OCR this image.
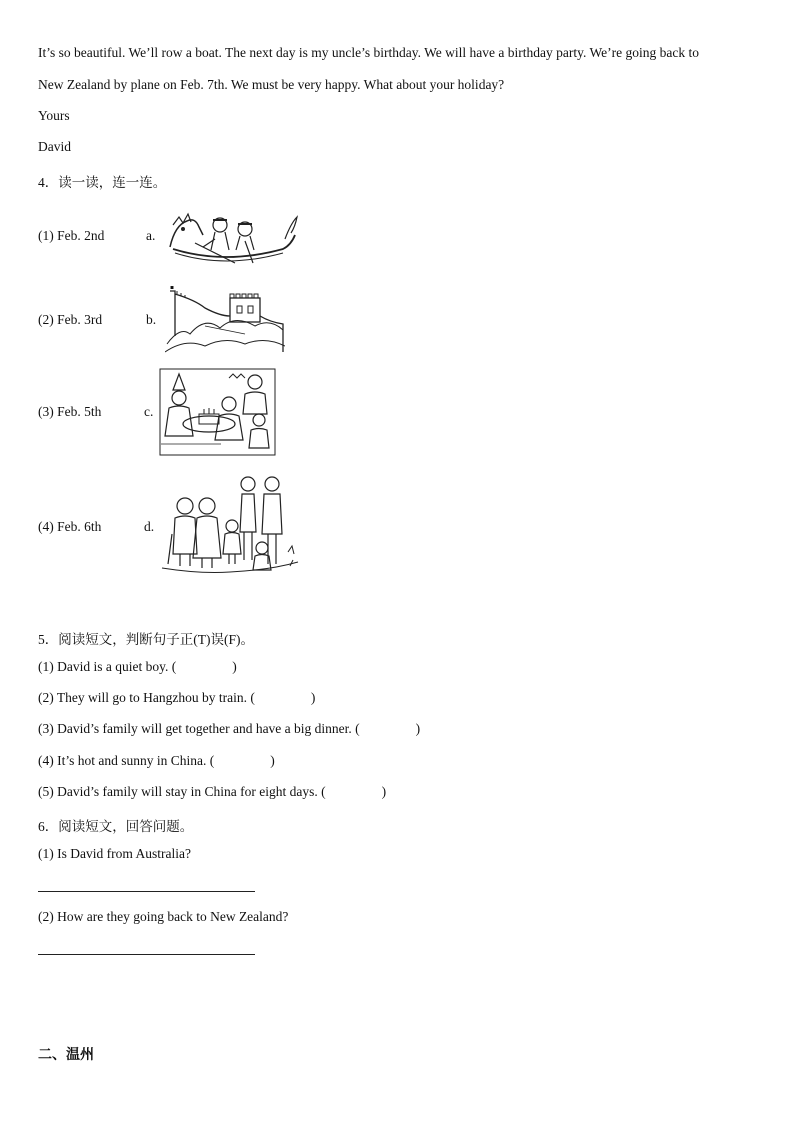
It’s so beautiful. We’ll row a boat. The next day is my uncle’s birthday. We will have a birthday party. We’re going back to
New Zealand by plane on Feb. 7th. We must be very happy. What about your holiday?
Yours
David
4．读一读，连一连。
(1) Feb. 2nd	a.
(2) Feb. 3rd	b.
(3) Feb. 5th	c.
(4) Feb. 6th	d.
5．阅读短文，判断句子正(T)误(F)。
(1) David is a quiet boy. (	)
(2) They will go to Hangzhou by train. (	)
(3) David’s family will get together and have a big dinner. (	)
(4) It’s hot and sunny in China. (	)
(5) David’s family will stay in China for eight days. (	)
6．阅读短文，回答问题。
(1) Is David from Australia?
(2) How are they going back to New Zealand?
二、温州
